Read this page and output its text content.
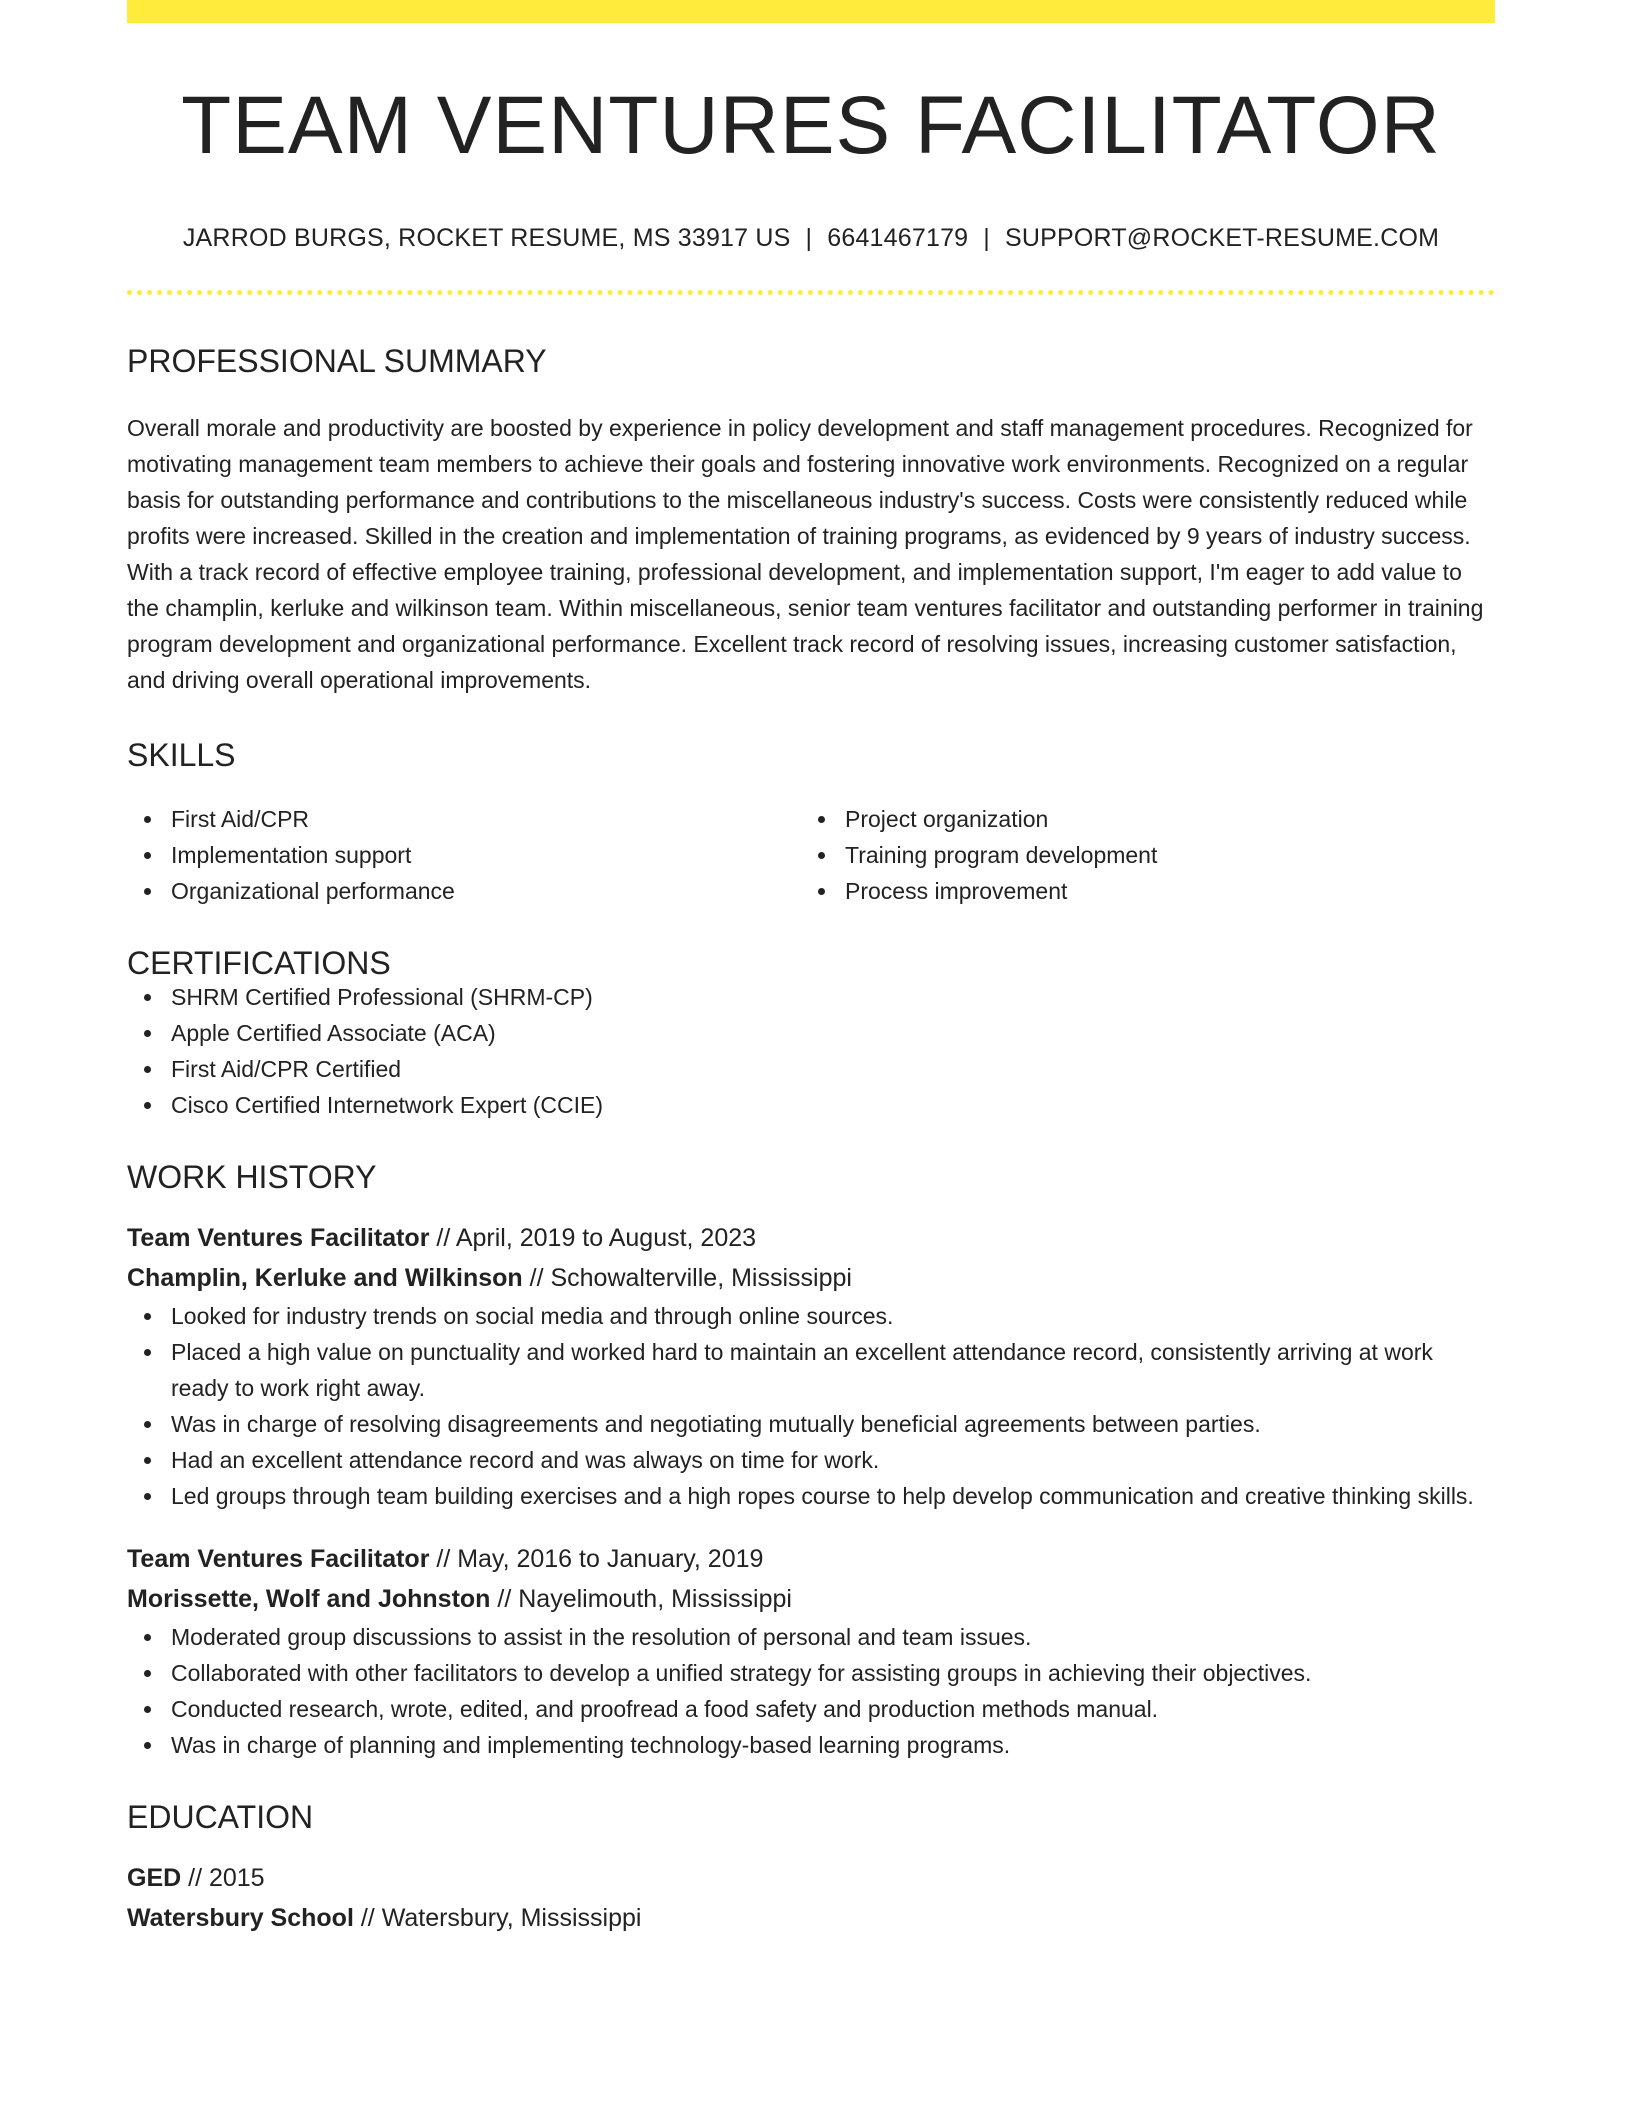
TEAM VENTURES FACILITATOR
JARROD BURGS, ROCKET RESUME, MS 33917 US | 6641467179 | SUPPORT@ROCKET-RESUME.COM
PROFESSIONAL SUMMARY

Overall morale and productivity are boosted by experience in policy development and staff management procedures. Recognized for motivating management team members to achieve their goals and fostering innovative work environments. Recognized on a regular basis for outstanding performance and contributions to the miscellaneous industry's success. Costs were consistently reduced while profits were increased. Skilled in the creation and implementation of training programs, as evidenced by 9 years of industry success. With a track record of effective employee training, professional development, and implementation support, I'm eager to add value to the champlin, kerluke and wilkinson team. Within miscellaneous, senior team ventures facilitator and outstanding performer in training program development and organizational performance. Excellent track record of resolving issues, increasing customer satisfaction, and driving overall operational improvements.

SKILLS
First Aid/CPR
Implementation support
Organizational performance
Project organization
Training program development
Process improvement
CERTIFICATIONS
SHRM Certified Professional (SHRM-CP)
Apple Certified Associate (ACA)
First Aid/CPR Certified
Cisco Certified Internetwork Expert (CCIE)
WORK HISTORY
Team Ventures Facilitator // April, 2019 to August, 2023
Champlin, Kerluke and Wilkinson // Schowalterville, Mississippi
Looked for industry trends on social media and through online sources.
Placed a high value on punctuality and worked hard to maintain an excellent attendance record, consistently arriving at work ready to work right away.
Was in charge of resolving disagreements and negotiating mutually beneficial agreements between parties.
Had an excellent attendance record and was always on time for work.
Led groups through team building exercises and a high ropes course to help develop communication and creative thinking skills.
Team Ventures Facilitator // May, 2016 to January, 2019
Morissette, Wolf and Johnston // Nayelimouth, Mississippi
Moderated group discussions to assist in the resolution of personal and team issues.
Collaborated with other facilitators to develop a unified strategy for assisting groups in achieving their objectives.
Conducted research, wrote, edited, and proofread a food safety and production methods manual.
Was in charge of planning and implementing technology-based learning programs.
EDUCATION
GED // 2015
Watersbury School // Watersbury, Mississippi
